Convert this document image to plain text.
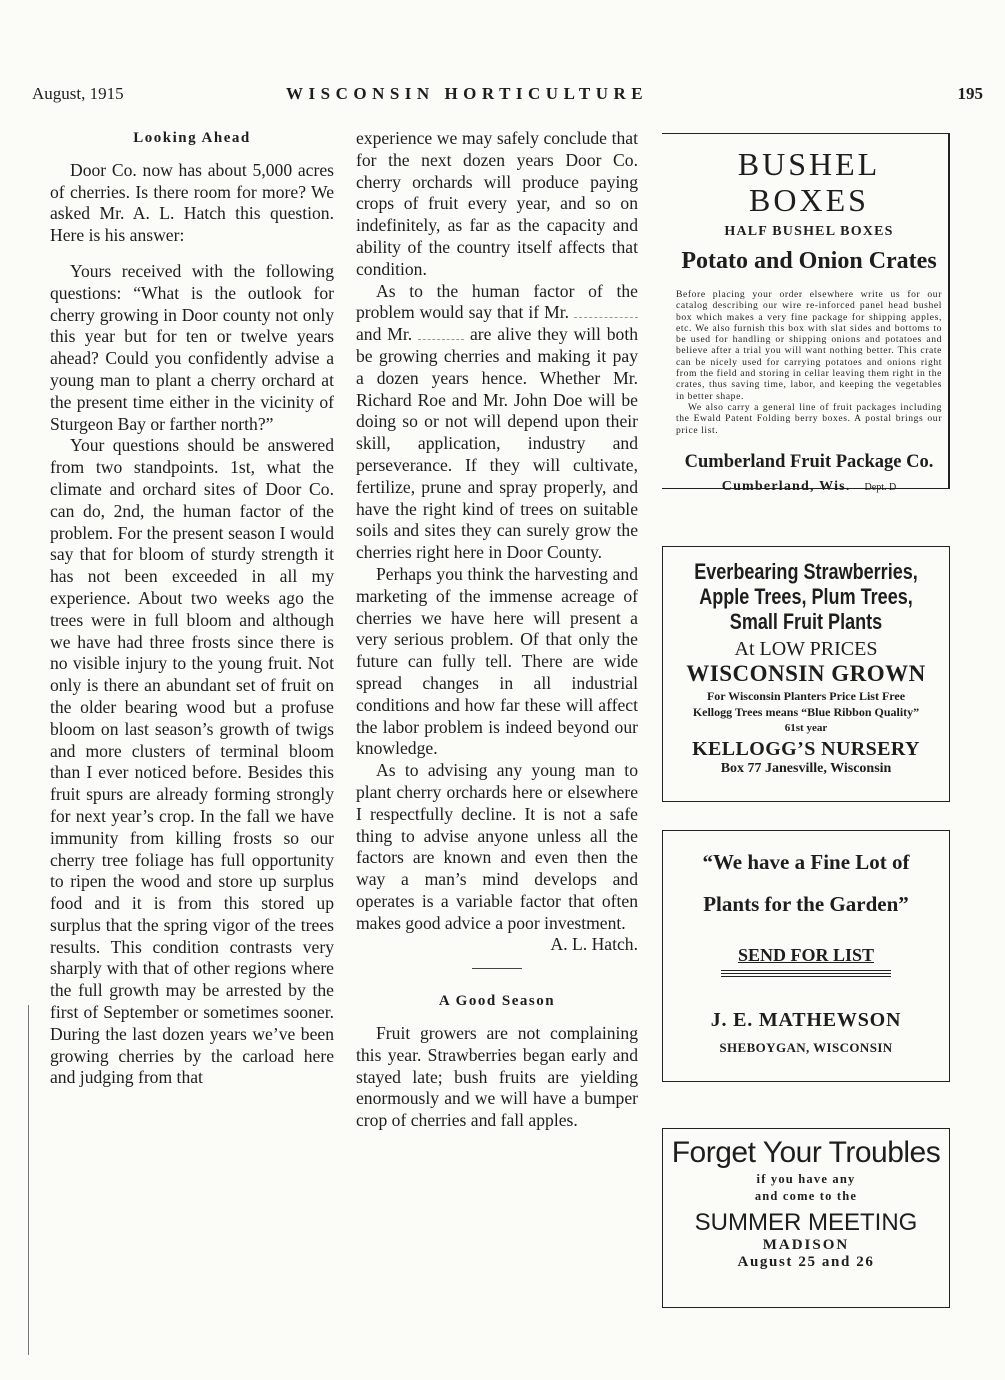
August, 1915	WISCONSIN HORTICULTURE	195
Looking Ahead

Door Co. now has about 5,000 acres of cherries. Is there room for more? We asked Mr. A. L. Hatch this question. Here is his answer:

Yours received with the following questions: “What is the outlook for cherry growing in Door county not only this year but for ten or twelve years ahead? Could you confidently advise a young man to plant a cherry orchard at the present time either in the vicinity of Sturgeon Bay or farther north?”

Your questions should be answered from two standpoints. 1st, what the climate and orchard sites of Door Co. can do, 2nd, the human factor of the problem. For the present season I would say that for bloom of sturdy strength it has not been exceeded in all my experience. About two weeks ago the trees were in full bloom and although we have had three frosts since there is no visible injury to the young fruit. Not only is there an abundant set of fruit on the older bearing wood but a profuse bloom on last season’s growth of twigs and more clusters of terminal bloom than I ever noticed before. Besides this fruit spurs are already forming strongly for next year’s crop. In the fall we have immunity from killing frosts so our cherry tree foliage has full opportunity to ripen the wood and store up surplus food and it is from this stored up surplus that the spring vigor of the trees results. This condition contrasts very sharply with that of other regions where the full growth may be arrested by the first of September or sometimes sooner. During the last dozen years we’ve been growing cherries by the carload here and judging from that

experience we may safely conclude that for the next dozen years Door Co. cherry orchards will produce paying crops of fruit every year, and so on indefinitely, as far as the capacity and ability of the country itself affects that condition.

As to the human factor of the problem would say that if Mr.  and Mr.	are alive they will both be growing cherries and making it pay a dozen years hence. Whether Mr. Richard Roe and Mr. John Doe will be doing so or not will depend upon their skill, application, industry and perseverance. If they will cultivate, fertilize, prune and spray properly, and have the right kind of trees on suitable soils and sites they can surely grow the cherries right here in Door County.

Perhaps you think the harvesting and marketing of the immense acreage of cherries we have here will present a very serious problem. Of that only the future can fully tell. There are wide spread changes in all industrial conditions and how far these will affect the labor problem is indeed beyond our knowledge.

As to advising any young man to plant cherry orchards here or elsewhere I respectfully decline. It is not a safe thing to advise anyone unless all the factors are known and even then the way a man’s mind develops and operates is a variable factor that often makes good advice a poor investment.

A. L. Hatch.
A Good Season

Fruit growers are not complaining this year. Strawberries began early and stayed late; bush fruits are yielding enormously and we will have a bumper crop of cherries and fall apples.

BUSHEL BOXES
HALF BUSHEL BOXES
Potato and Onion Crates

Before placing your order elsewhere write us for our catalog describing our wire re-inforced panel head bushel box which makes a very fine package for shipping apples, etc. We also furnish this box with slat sides and bottoms to be used for handling or shipping onions and potatoes and believe after a trial you will want nothing better. This crate can be nicely used for carrying potatoes and onions right from the field and storing in cellar leaving them right in the crates, thus saving time, labor, and keeping the vegetables in better shape.

We also carry a general line of fruit packages including the Ewald Patent Folding berry boxes. A postal brings our price list.

Cumberland Fruit Package Co.
Cumberland, Wis. Dept. D
Everbearing Strawberries, Apple Trees, Plum Trees, Small Fruit Plants
At LOW PRICES
WISCONSIN GROWN
For Wisconsin Planters Price List Free
Kellogg Trees means “Blue Ribbon Quality”
61st year
KELLOGG’S NURSERY
Box 77 Janesville, Wisconsin
“We have a Fine Lot of
Plants for the Garden”
SEND FOR LIST
J. E. MATHEWSON
SHEBOYGAN, WISCONSIN
Forget Your Troubles
if you have any
and come to the
SUMMER MEETING
MADISON
August 25 and 26
